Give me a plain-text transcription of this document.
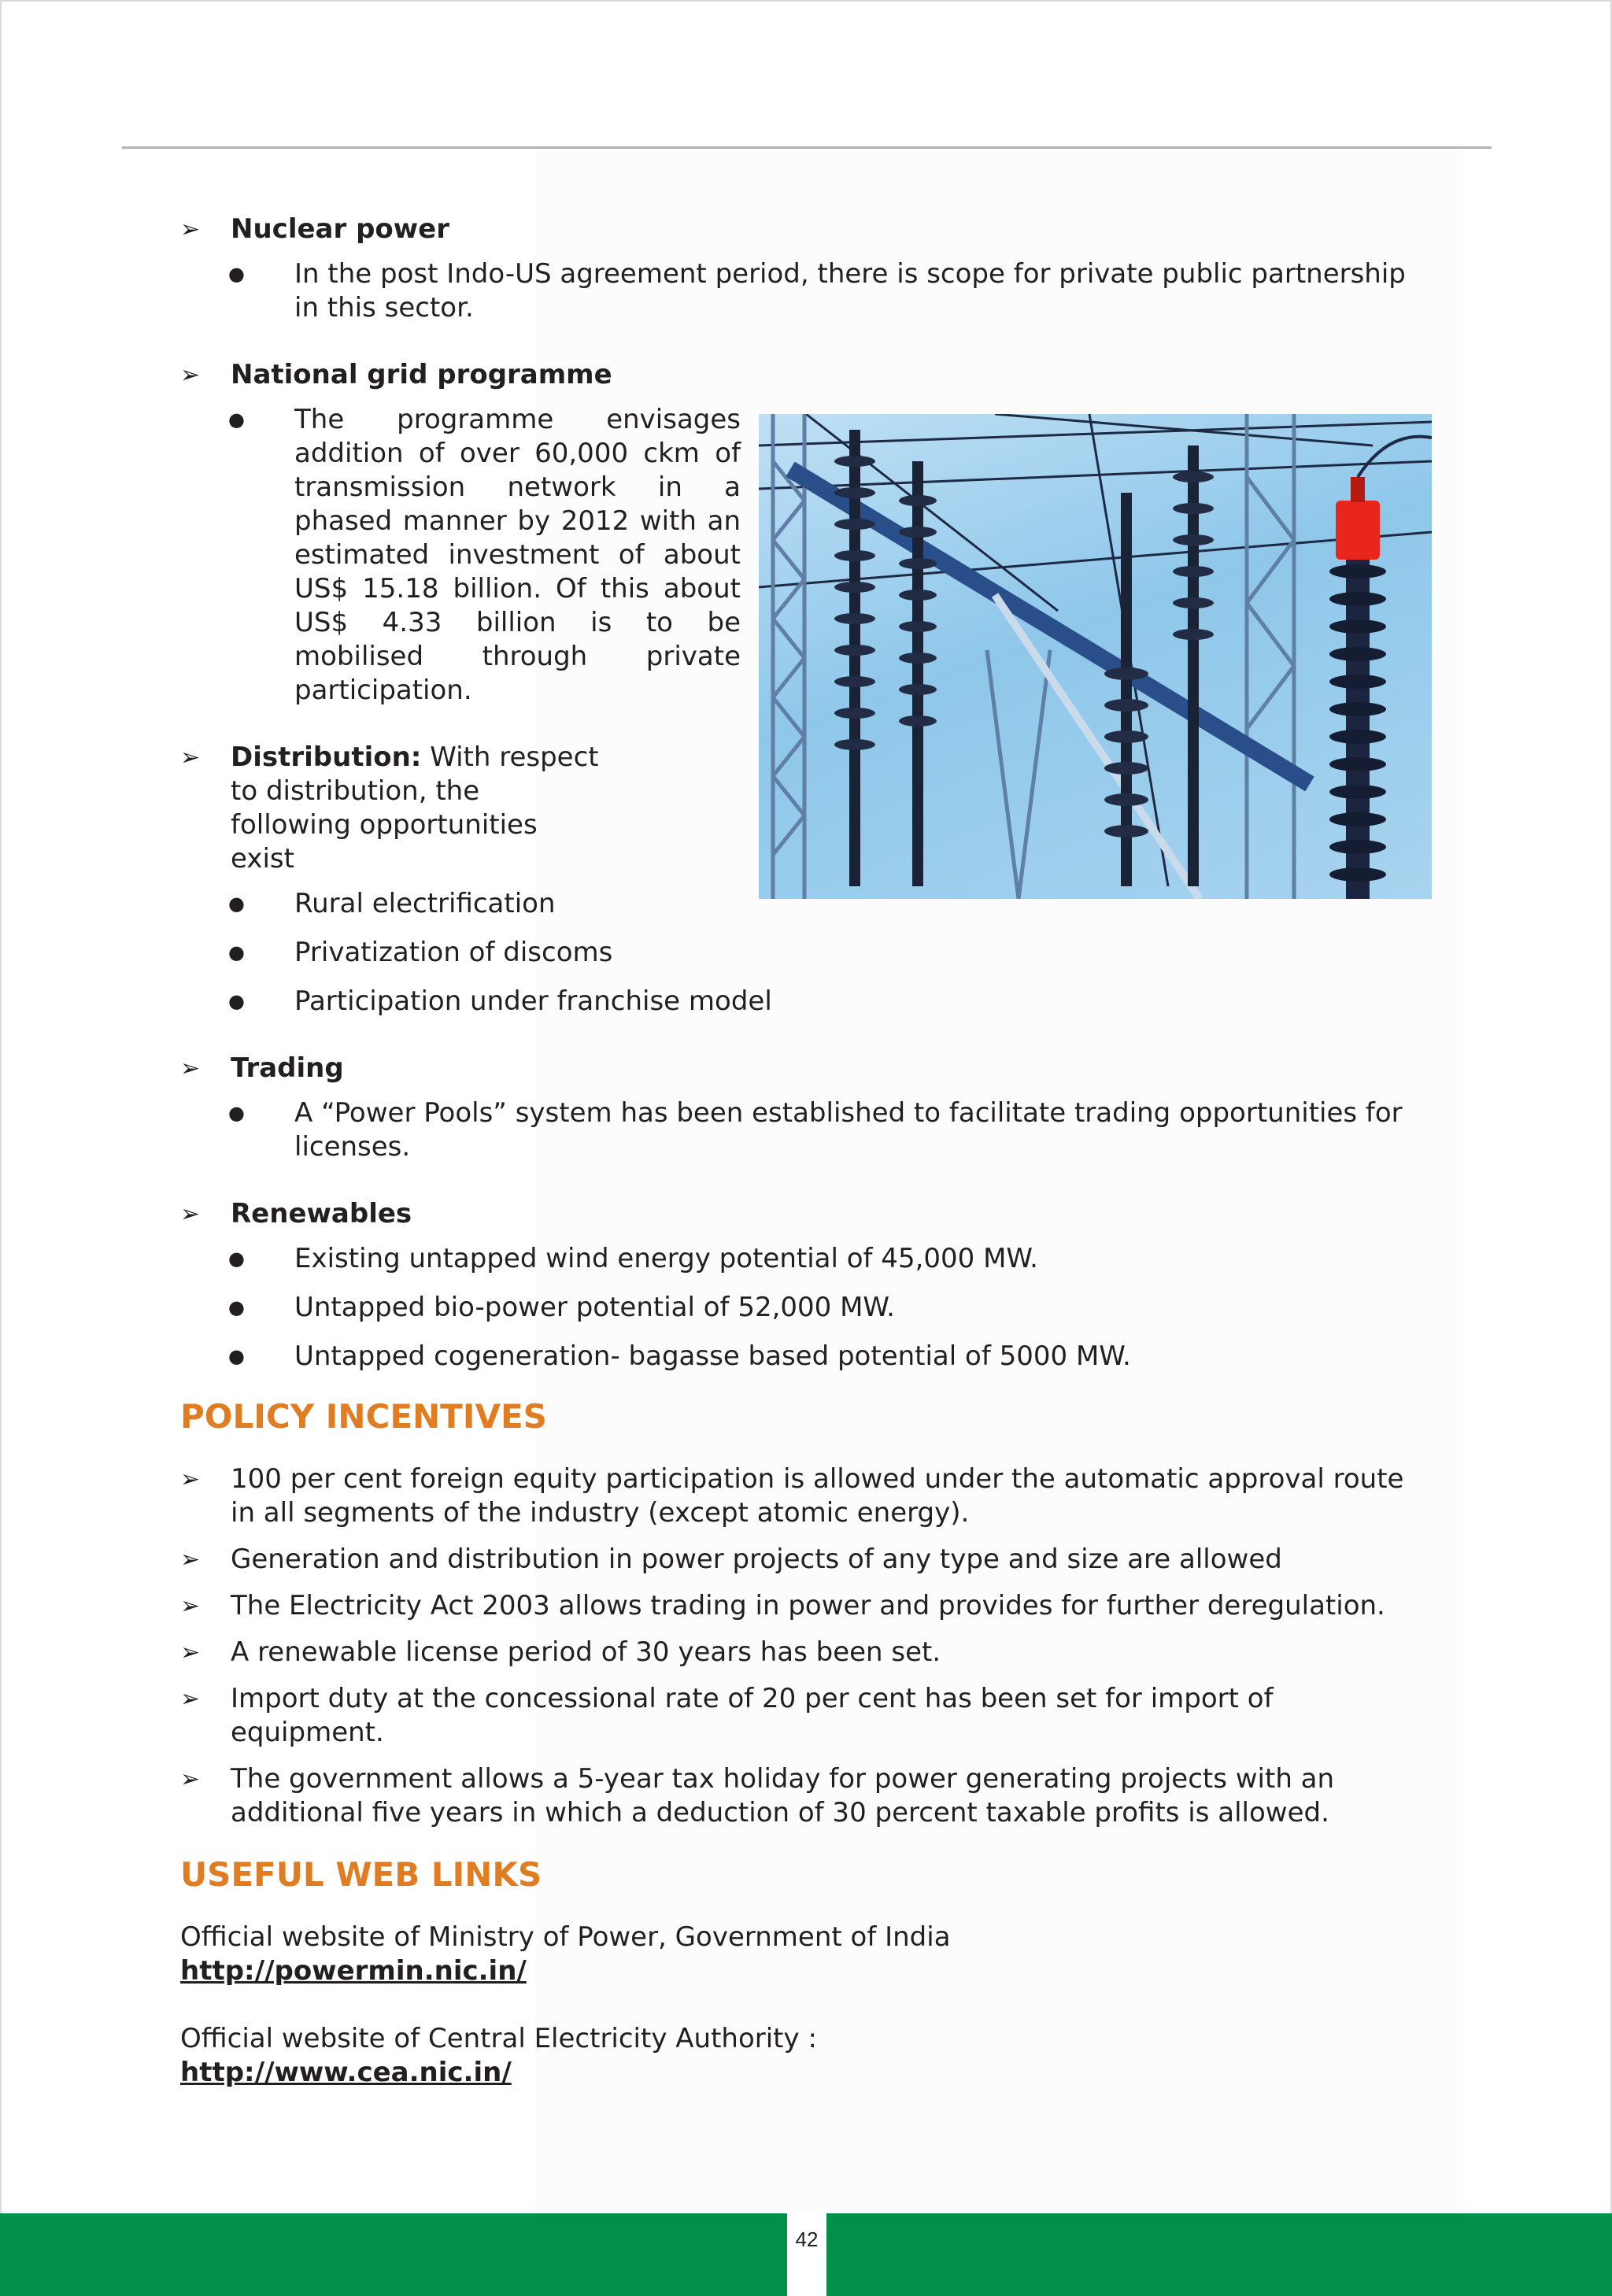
➢	Nuclear power
● In the post Indo-US agreement period, there is scope for private public partnership in this sector.
➢	National grid programme
● The programme envisages addition of over 60,000 ckm of transmission network in a phased manner by 2012 with an estimated investment of about US$ 15.18 billion. Of this about US$ 4.33 billion is to be mobilised through private participation.
➢	Distribution: With respect to distribution, the following opportunities exist
● Rural electrification
● Privatization of discoms
● Participation under franchise model
➢	Trading
● A “Power Pools” system has been established to facilitate trading opportunities for licenses.
➢	Renewables
● Existing untapped wind energy potential of 45,000 MW.
● Untapped bio-power potential of 52,000 MW.
● Untapped cogeneration- bagasse based potential of 5000 MW.
POLICY INCENTIVES
➢	100 per cent foreign equity participation is allowed under the automatic approval route in all segments of the industry (except atomic energy).
➢	Generation and distribution in power projects of any type and size are allowed
➢	The Electricity Act 2003 allows trading in power and provides for further deregulation.
➢	A renewable license period of 30 years has been set.
➢	Import duty at the concessional rate of 20 per cent has been set for import of equipment.
➢	The government allows a 5-year tax holiday for power generating projects with an additional five years in which a deduction of 30 percent taxable profits is allowed.
USEFUL WEB LINKS
Official website of Ministry of Power, Government of India
http://powermin.nic.in/
Official website of Central Electricity Authority :
http://www.cea.nic.in/
42
